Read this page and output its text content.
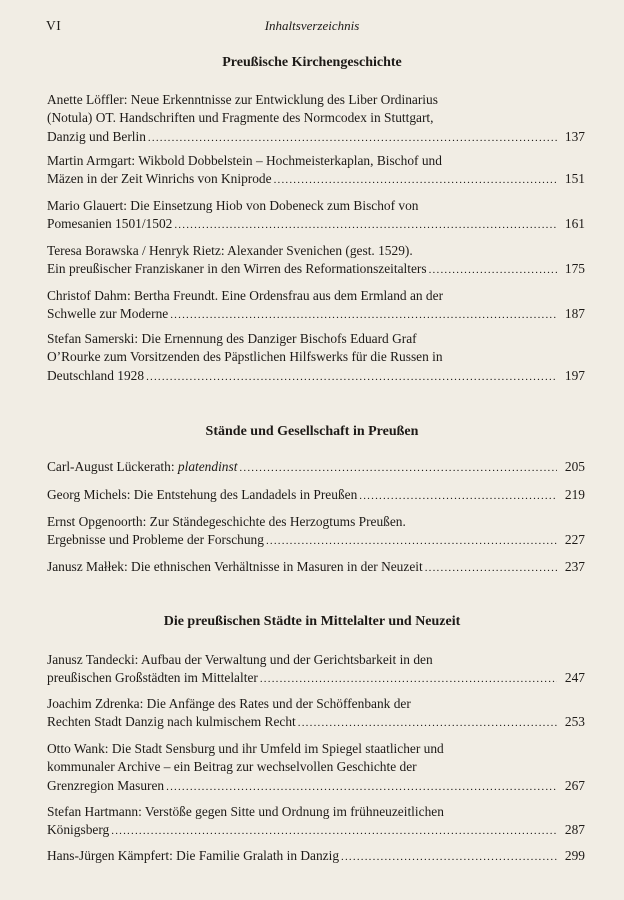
VI	Inhaltsverzeichnis
Preußische Kirchengeschichte
Anette Löffler: Neue Erkenntnisse zur Entwicklung des Liber Ordinarius
(Notula) OT. Handschriften und Fragmente des Normcodex in Stuttgart,
Danzig und Berlin .....	137
Martin Armgart: Wikbold Dobbelstein – Hochmeisterkaplan, Bischof und
Mäzen in der Zeit Winrichs von Kniprode .....	151
Mario Glauert: Die Einsetzung Hiob von Dobeneck zum Bischof von
Pomesanien 1501/1502 .....	161
Teresa Borawska / Henryk Rietz: Alexander Svenichen (gest. 1529).
Ein preußischer Franziskaner in den Wirren des Reformationszeitalters .....	175
Christof Dahm: Bertha Freundt. Eine Ordensfrau aus dem Ermland an der
Schwelle zur Moderne .....	187
Stefan Samerski: Die Ernennung des Danziger Bischofs Eduard Graf
O’Rourke zum Vorsitzenden des Päpstlichen Hilfswerks für die Russen in
Deutschland 1928 .....	197
Stände und Gesellschaft in Preußen
Carl-August Lückerath: platendinst .....	205
Georg Michels: Die Entstehung des Landadels in Preußen .....	219
Ernst Opgenoorth: Zur Ständegeschichte des Herzogtums Preußen.
Ergebnisse und Probleme der Forschung .....	227
Janusz Małłek: Die ethnischen Verhältnisse in Masuren in der Neuzeit .....	237
Die preußischen Städte in Mittelalter und Neuzeit
Janusz Tandecki: Aufbau der Verwaltung und der Gerichtsbarkeit in den
preußischen Großstädten im Mittelalter .....	247
Joachim Zdrenka: Die Anfänge des Rates und der Schöffenbank der
Rechten Stadt Danzig nach kulmischem Recht .....	253
Otto Wank: Die Stadt Sensburg und ihr Umfeld im Spiegel staatlicher und
kommunaler Archive – ein Beitrag zur wechselvollen Geschichte der
Grenzregion Masuren .....	267
Stefan Hartmann: Verstöße gegen Sitte und Ordnung im frühneuzeitlichen
Königsberg .....	287
Hans-Jürgen Kämpfert: Die Familie Gralath in Danzig .....	299
